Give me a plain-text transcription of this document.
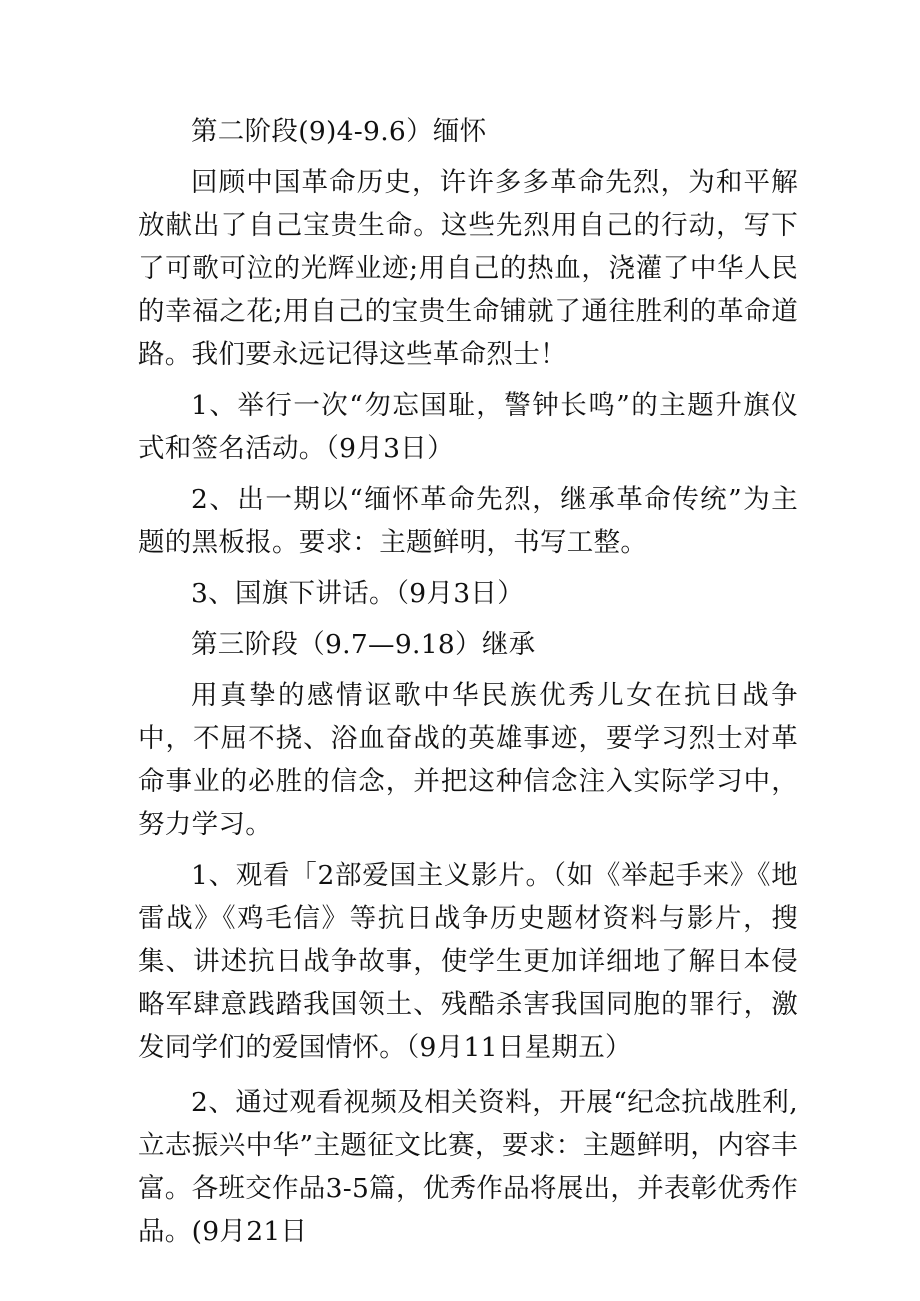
第二阶段(9)4-9.6）缅怀

回顾中国革命历史，许许多多革命先烈，为和平解放献出了自己宝贵生命。这些先烈用自己的行动，写下了可歌可泣的光辉业迹;用自己的热血，浇灌了中华人民的幸福之花;用自己的宝贵生命铺就了通往胜利的革命道路。我们要永远记得这些革命烈士！

1、举行一次“勿忘国耻，警钟长鸣”的主题升旗仪式和签名活动。（9月3日）

2、出一期以“缅怀革命先烈，继承革命传统”为主题的黑板报。要求：主题鲜明，书写工整。

3、国旗下讲话。（9月3日）

第三阶段（9.7—9.18）继承

用真挚的感情讴歌中华民族优秀儿女在抗日战争中，不屈不挠、浴血奋战的英雄事迹，要学习烈士对革命事业的必胜的信念，并把这种信念注入实际学习中，努力学习。

1、观看「2部爱国主义影片。（如《举起手来》《地雷战》《鸡毛信》等抗日战争历史题材资料与影片，搜集、讲述抗日战争故事，使学生更加详细地了解日本侵略军肆意践踏我国领土、残酷杀害我国同胞的罪行，激发同学们的爱国情怀。（9月11日星期五）

2、通过观看视频及相关资料，开展“纪念抗战胜利,立志振兴中华”主题征文比赛，要求：主题鲜明，内容丰富。各班交作品3-5篇，优秀作品将展出，并表彰优秀作品。(9月21日
